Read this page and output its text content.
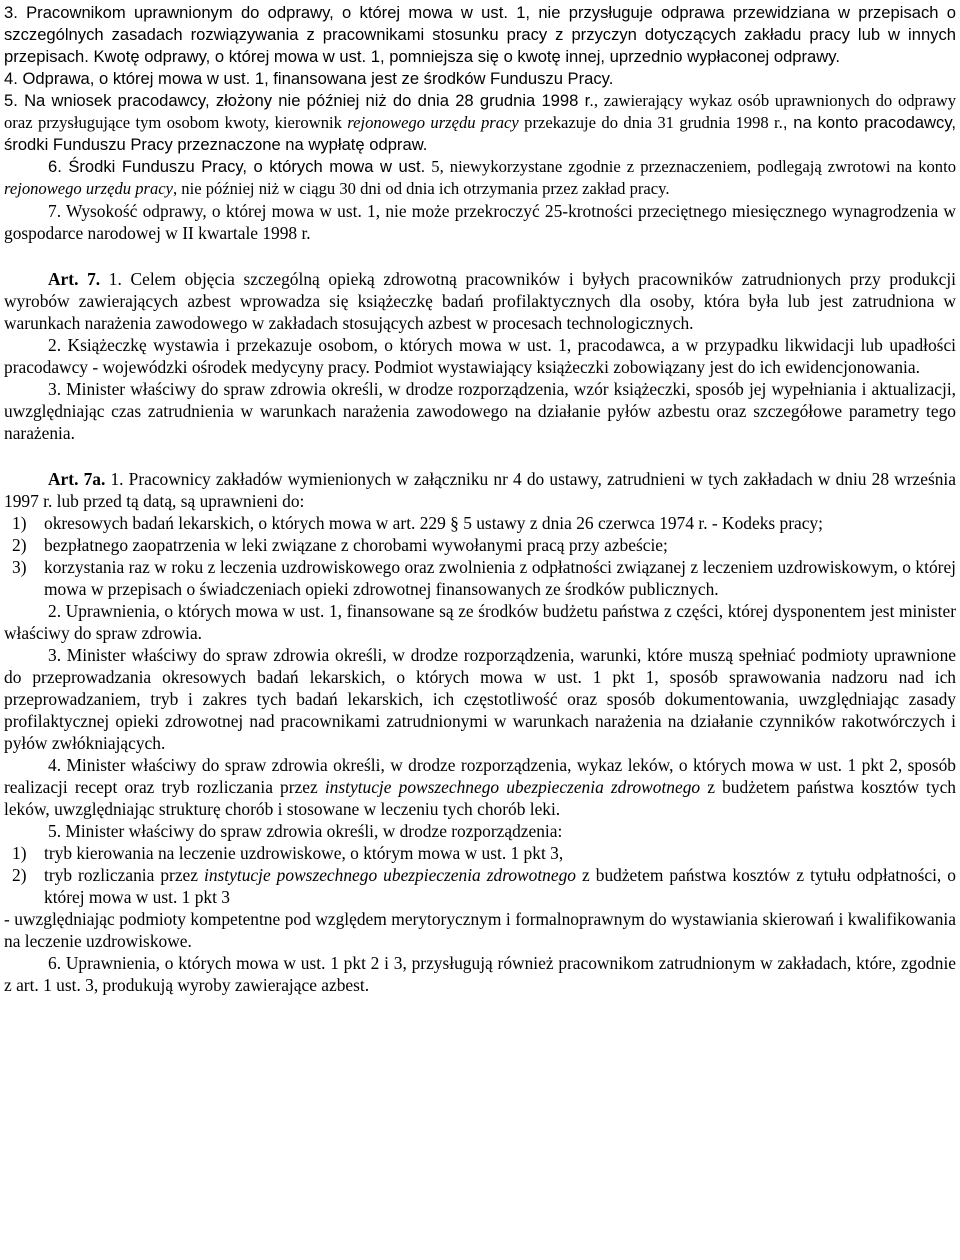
3. Pracownikom uprawnionym do odprawy, o której mowa w ust. 1, nie przysługuje odprawa przewidziana w przepisach o szczególnych zasadach rozwiązywania z pracownikami stosunku pracy z przyczyn dotyczących zakładu pracy lub w innych przepisach. Kwotę odprawy, o której mowa w ust. 1, pomniejsza się o kwotę innej, uprzednio wypłaconej odprawy.

4. Odprawa, o której mowa w ust. 1, finansowana jest ze środków Funduszu Pracy.

5. Na wniosek pracodawcy, złożony nie później niż do dnia 28 grudnia 1998 r., zawierający wykaz osób uprawnionych do odprawy oraz przysługujące tym osobom kwoty, kierownik rejonowego urzędu pracy przekazuje do dnia 31 grudnia 1998 r., na konto pracodawcy, środki Funduszu Pracy przeznaczone na wypłatę odpraw.

6. Środki Funduszu Pracy, o których mowa w ust. 5, niewykorzystane zgodnie z przeznaczeniem, podlegają zwrotowi na konto rejonowego urzędu pracy, nie później niż w ciągu 30 dni od dnia ich otrzymania przez zakład pracy.

7. Wysokość odprawy, o której mowa w ust. 1, nie może przekroczyć 25-krotności przeciętnego miesięcznego wynagrodzenia w gospodarce narodowej w II kwartale 1998 r.

Art. 7. 1. Celem objęcia szczególną opieką zdrowotną pracowników i byłych pracowników zatrudnionych przy produkcji wyrobów zawierających azbest wprowadza się książeczkę badań profilaktycznych dla osoby, która była lub jest zatrudniona w warunkach narażenia zawodowego w zakładach stosujących azbest w procesach technologicznych.

2. Książeczkę wystawia i przekazuje osobom, o których mowa w ust. 1, pracodawca, a w przypadku likwidacji lub upadłości pracodawcy - wojewódzki ośrodek medycyny pracy. Podmiot wystawiający książeczki zobowiązany jest do ich ewidencjonowania.

3. Minister właściwy do spraw zdrowia określi, w drodze rozporządzenia, wzór książeczki, sposób jej wypełniania i aktualizacji, uwzględniając czas zatrudnienia w warunkach narażenia zawodowego na działanie pyłów azbestu oraz szczegółowe parametry tego narażenia.

Art. 7a. 1. Pracownicy zakładów wymienionych w załączniku nr 4 do ustawy, zatrudnieni w tych zakładach w dniu 28 września 1997 r. lub przed tą datą, są uprawnieni do:

1)	okresowych badań lekarskich, o których mowa w art. 229 § 5 ustawy z dnia 26 czerwca 1974 r. - Kodeks pracy;
2)	bezpłatnego zaopatrzenia w leki związane z chorobami wywołanymi pracą przy azbeście;
3)	korzystania raz w roku z leczenia uzdrowiskowego oraz zwolnienia z odpłatności związanej z leczeniem uzdrowiskowym, o której mowa w przepisach o świadczeniach opieki zdrowotnej finansowanych ze środków publicznych.

2. Uprawnienia, o których mowa w ust. 1, finansowane są ze środków budżetu państwa z części, której dysponentem jest minister właściwy do spraw zdrowia.

3. Minister właściwy do spraw zdrowia określi, w drodze rozporządzenia, warunki, które muszą spełniać podmioty uprawnione do przeprowadzania okresowych badań lekarskich, o których mowa w ust. 1 pkt 1, sposób sprawowania nadzoru nad ich przeprowadzaniem, tryb i zakres tych badań lekarskich, ich częstotliwość oraz sposób dokumentowania, uwzględniając zasady profilaktycznej opieki zdrowotnej nad pracownikami zatrudnionymi w warunkach narażenia na działanie czynników rakotwórczych i pyłów zwłókniających.

4. Minister właściwy do spraw zdrowia określi, w drodze rozporządzenia, wykaz leków, o których mowa w ust. 1 pkt 2, sposób realizacji recept oraz tryb rozliczania przez instytucje powszechnego ubezpieczenia zdrowotnego z budżetem państwa kosztów tych leków, uwzględniając strukturę chorób i stosowane w leczeniu tych chorób leki.

5. Minister właściwy do spraw zdrowia określi, w drodze rozporządzenia:

1)	tryb kierowania na leczenie uzdrowiskowe, o którym mowa w ust. 1 pkt 3,
2)	tryb rozliczania przez instytucje powszechnego ubezpieczenia zdrowotnego z budżetem państwa kosztów z tytułu odpłatności, o której mowa w ust. 1 pkt 3

- uwzględniając podmioty kompetentne pod względem merytorycznym i formalnoprawnym do wystawiania skierowań i kwalifikowania na leczenie uzdrowiskowe.

6. Uprawnienia, o których mowa w ust. 1 pkt 2 i 3, przysługują również pracownikom zatrudnionym w zakładach, które, zgodnie z art. 1 ust. 3, produkują wyroby zawierające azbest.
